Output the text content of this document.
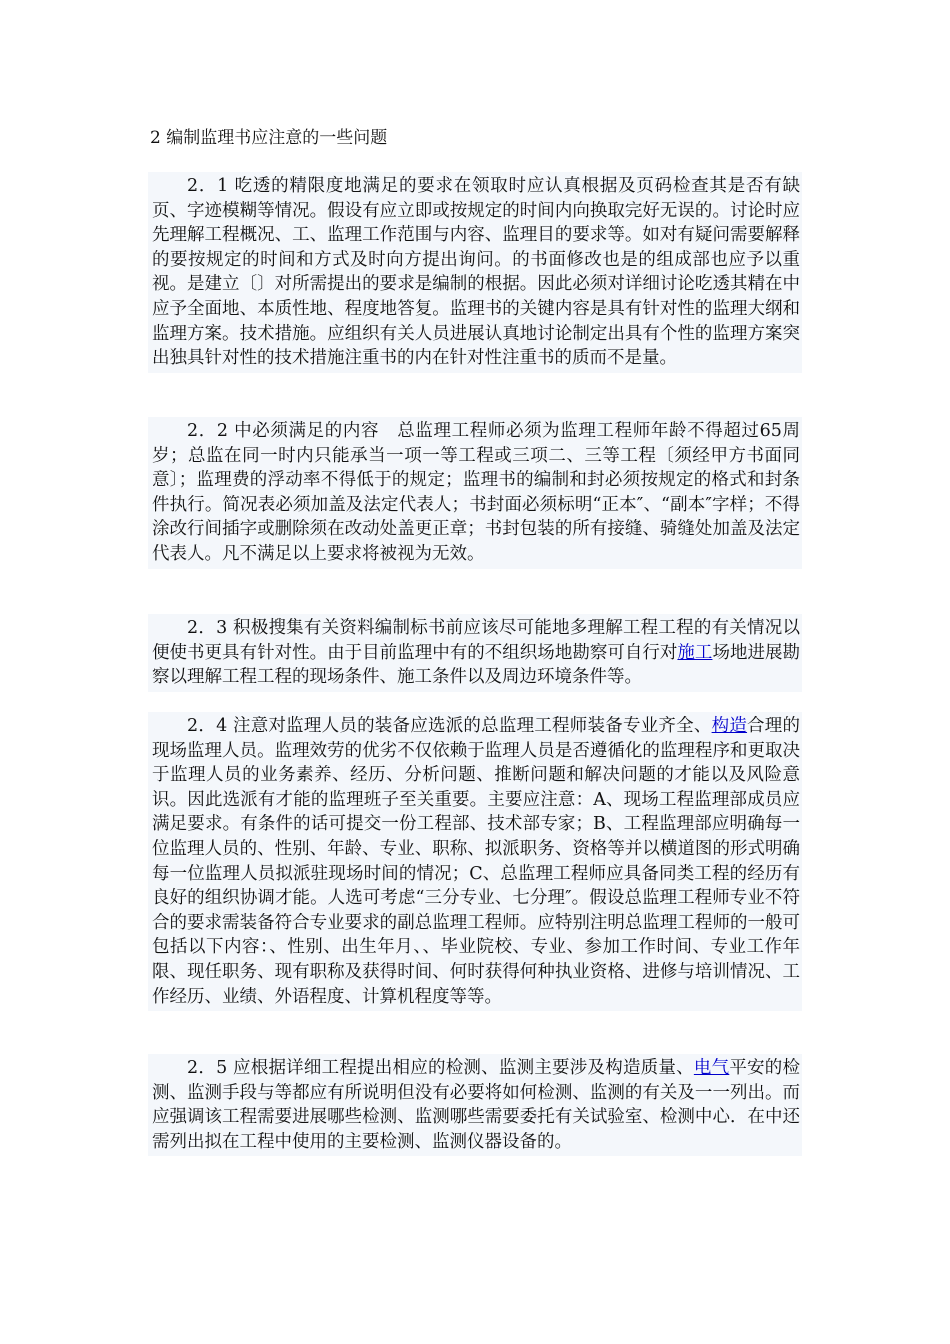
2 编制监理书应注意的一些问题

2．1 吃透的精限度地满足的要求在领取时应认真根据及页码检查其是否有缺页、字迹模糊等情况。假设有应立即或按规定的时间内向换取完好无误的。讨论时应先理解工程概况、工、监理工作范围与内容、监理目的要求等。如对有疑问需要解释的要按规定的时间和方式及时向方提出询问。的书面修改也是的组成部也应予以重视。是建立〔〕对所需提出的要求是编制的根据。因此必须对详细讨论吃透其精在中应予全面地、本质性地、程度地答复。监理书的关键内容是具有针对性的监理大纲和监理方案。技术措施。应组织有关人员进展认真地讨论制定出具有个性的监理方案突出独具针对性的技术措施注重书的内在针对性注重书的质而不是量。

2．2 中必须满足的内容　总监理工程师必须为监理工程师年龄不得超过65周岁；总监在同一时内只能承当一项一等工程或三项二、三等工程〔须经甲方书面同意〕；监理费的浮动率不得低于的规定；监理书的编制和封必须按规定的格式和封条件执行。简况表必须加盖及法定代表人；书封面必须标明“正本″、“副本″字样；不得涂改行间插字或删除须在改动处盖更正章；书封包装的所有接缝、骑缝处加盖及法定代表人。凡不满足以上要求将被视为无效。

2．3 积极搜集有关资料编制标书前应该尽可能地多理解工程工程的有关情况以便使书更具有针对性。由于目前监理中有的不组织场地勘察可自行对施工场地进展勘察以理解工程工程的现场条件、施工条件以及周边环境条件等。

2．4 注意对监理人员的装备应选派的总监理工程师装备专业齐全、构造合理的现场监理人员。监理效劳的优劣不仅依赖于监理人员是否遵循化的监理程序和更取决于监理人员的业务素养、经历、分析问题、推断问题和解决问题的才能以及风险意识。因此选派有才能的监理班子至关重要。主要应注意：A、现场工程监理部成员应满足要求。有条件的话可提交一份工程部、技术部专家；B、工程监理部应明确每一位监理人员的、性别、年龄、专业、职称、拟派职务、资格等并以横道图的形式明确每一位监理人员拟派驻现场时间的情况；C、总监理工程师应具备同类工程的经历有良好的组织协调才能。人选可考虑“三分专业、七分理″。假设总监理工程师专业不符合的要求需装备符合专业要求的副总监理工程师。应特别注明总监理工程师的一般可包括以下内容：、性别、出生年月、、毕业院校、专业、参加工作时间、专业工作年限、现任职务、现有职称及获得时间、何时获得何种执业资格、进修与培训情况、工作经历、业绩、外语程度、计算机程度等等。

2．5 应根据详细工程提出相应的检测、监测主要涉及构造质量、电气平安的检测、监测手段与等都应有所说明但没有必要将如何检测、监测的有关及一一列出。而应强调该工程需要进展哪些检测、监测哪些需要委托有关试验室、检测中心．在中还需列出拟在工程中使用的主要检测、监测仪器设备的。
